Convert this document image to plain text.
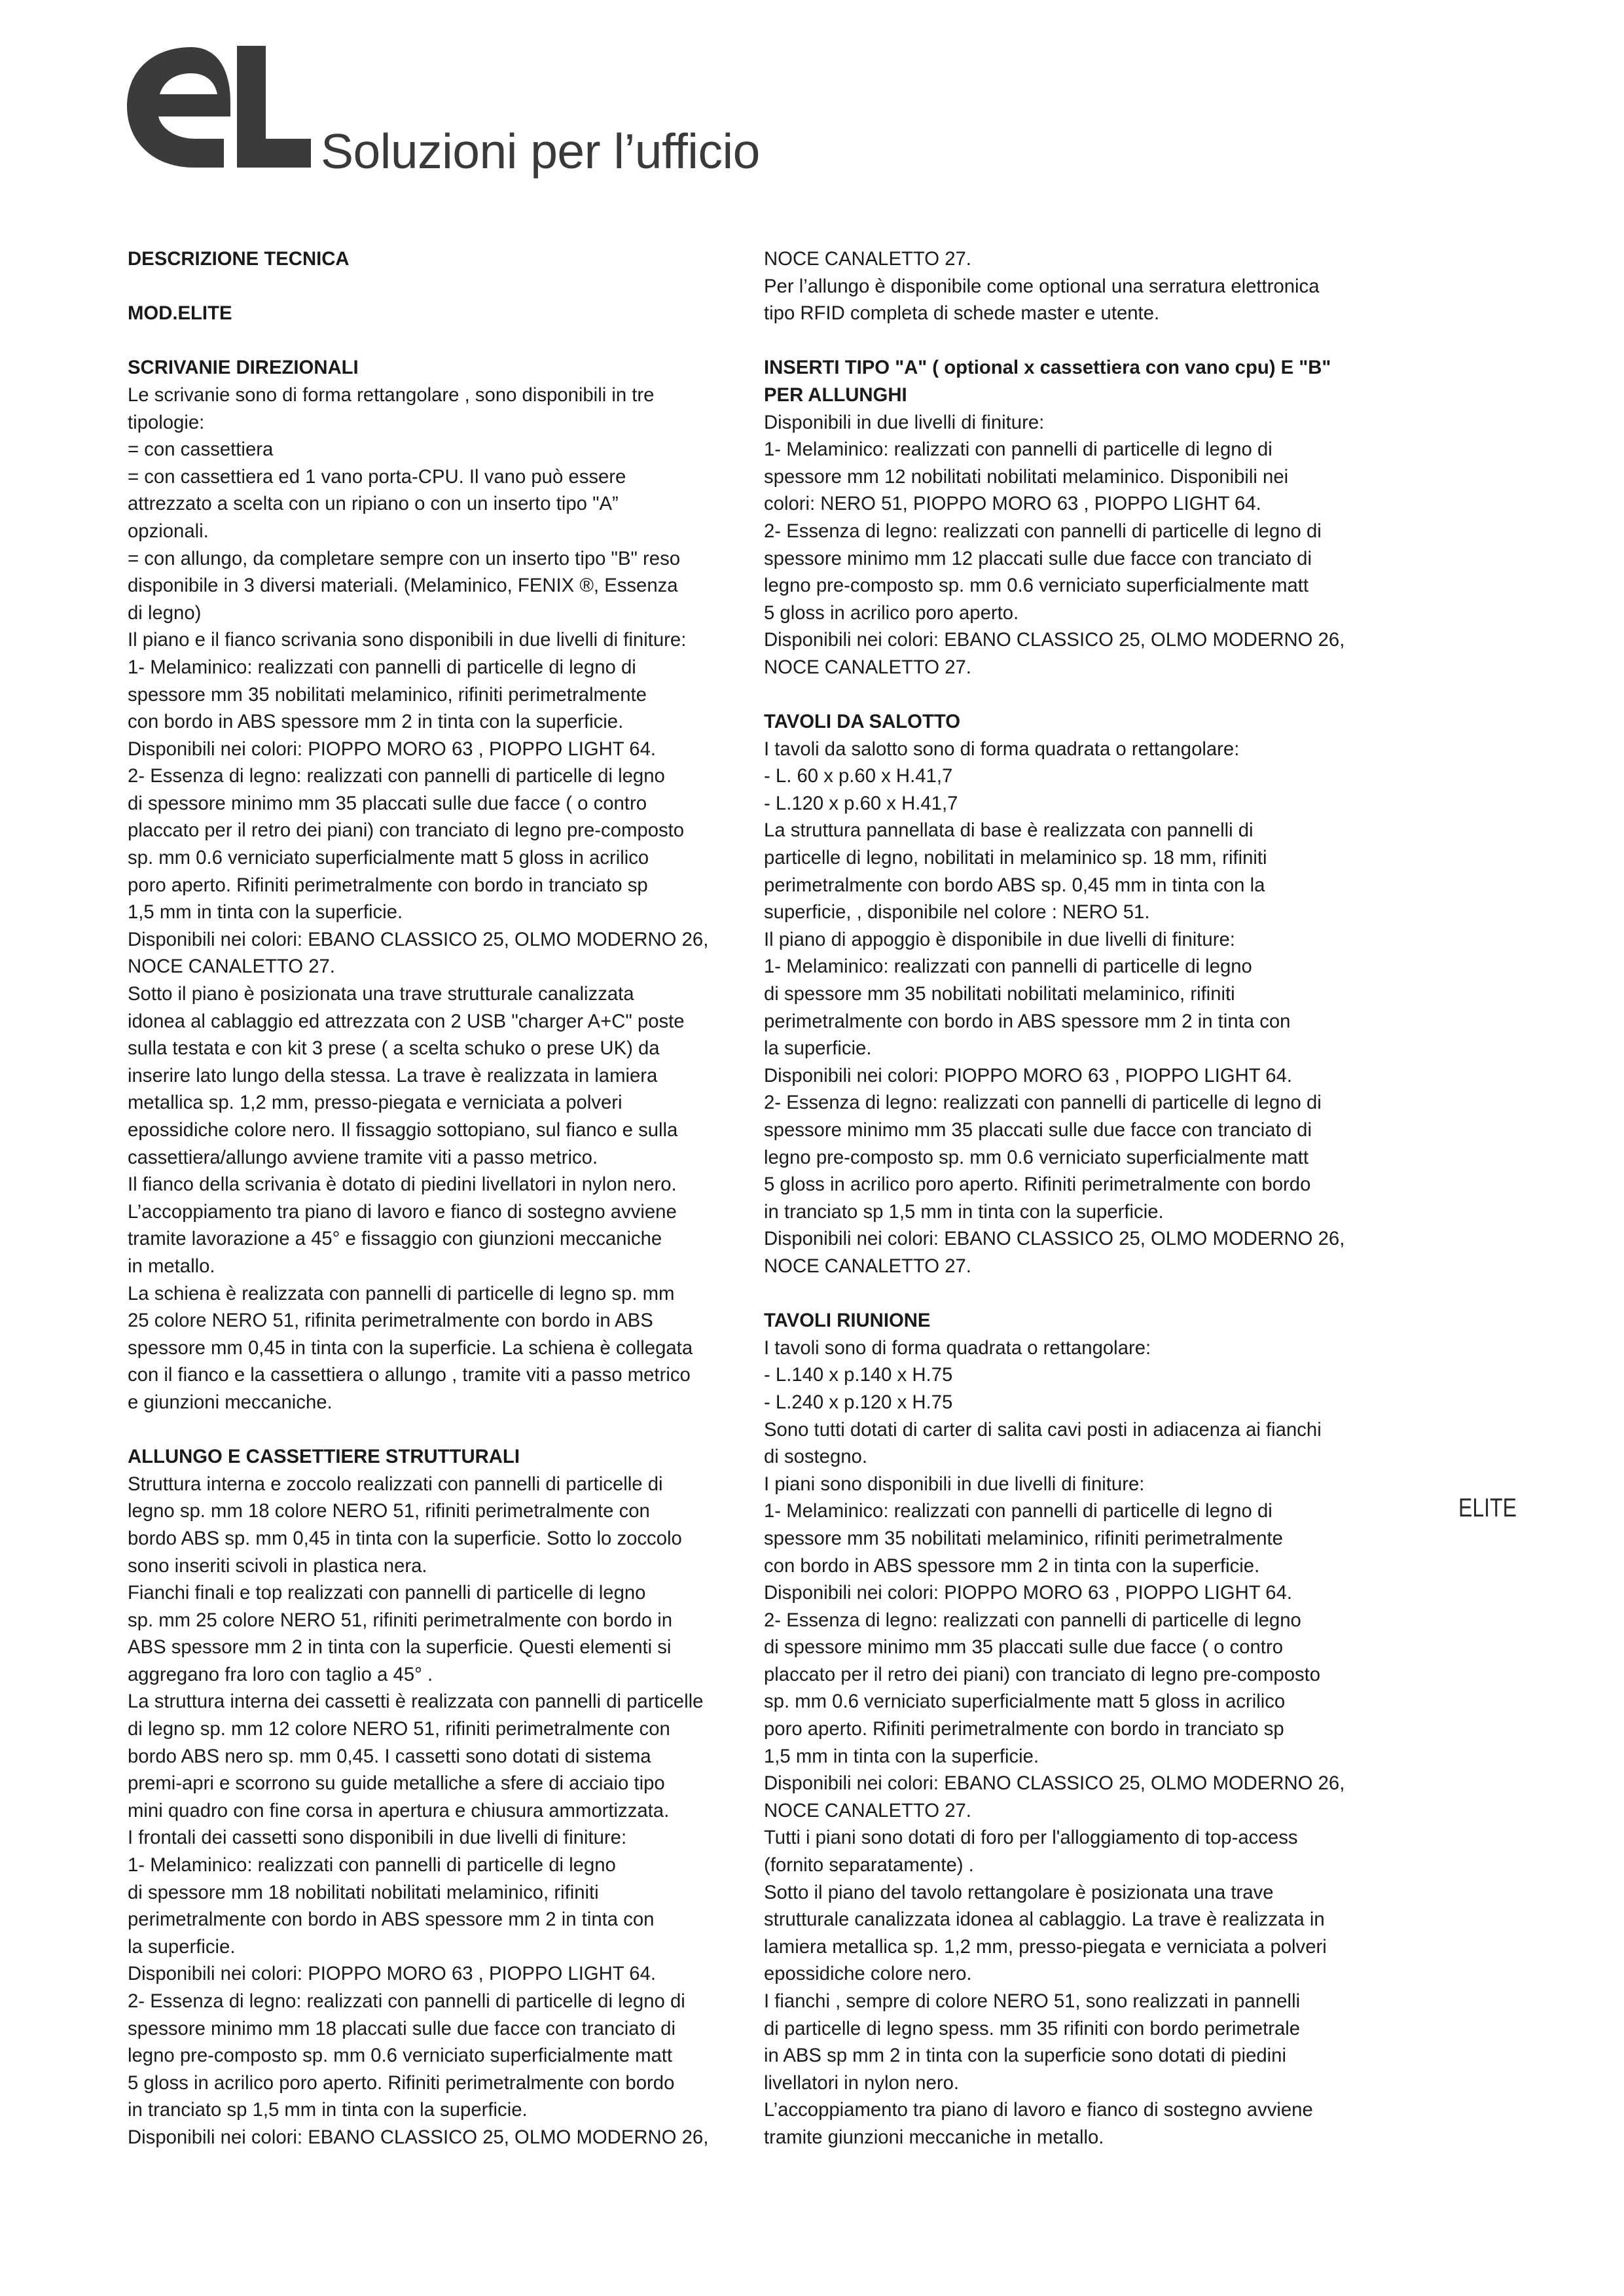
Soluzioni per l’ufficio
DESCRIZIONE TECNICA
MOD.ELITE
SCRIVANIE DIREZIONALI
Le scrivanie sono di forma rettangolare , sono disponibili in tre
tipologie:
= con cassettiera
= con cassettiera ed 1 vano porta-CPU. Il vano può essere
attrezzato a scelta con un ripiano o con un inserto tipo "A”
opzionali.
= con allungo, da completare sempre con un inserto tipo "B" reso
disponibile in 3 diversi materiali. (Melaminico, FENIX ®, Essenza
di legno)
Il piano e il fianco scrivania sono disponibili in due livelli di finiture:
1- Melaminico: realizzati con pannelli di particelle di legno di
spessore mm 35 nobilitati melaminico, rifiniti perimetralmente
con bordo in ABS spessore mm 2 in tinta con la superficie.
Disponibili nei colori: PIOPPO MORO 63 , PIOPPO LIGHT 64.
2- Essenza di legno: realizzati con pannelli di particelle di legno
di spessore minimo mm 35 placcati sulle due facce ( o contro
placcato per il retro dei piani) con tranciato di legno pre-composto
sp. mm 0.6 verniciato superficialmente matt 5 gloss in acrilico
poro aperto. Rifiniti perimetralmente con bordo in tranciato sp
1,5 mm in tinta con la superficie.
Disponibili nei colori: EBANO CLASSICO 25, OLMO MODERNO 26,
NOCE CANALETTO 27.
Sotto il piano è posizionata una trave strutturale canalizzata
idonea al cablaggio ed attrezzata con 2 USB "charger A+C" poste
sulla testata e con kit 3 prese ( a scelta schuko o prese UK) da
inserire lato lungo della stessa. La trave è realizzata in lamiera
metallica sp. 1,2 mm, presso-piegata e verniciata a polveri
epossidiche colore nero. Il fissaggio sottopiano, sul fianco e sulla
cassettiera/allungo avviene tramite viti a passo metrico.
Il fianco della scrivania è dotato di piedini livellatori in nylon nero.
L’accoppiamento tra piano di lavoro e fianco di sostegno avviene
tramite lavorazione a 45° e fissaggio con giunzioni meccaniche
in metallo.
La schiena è realizzata con pannelli di particelle di legno sp. mm
25 colore NERO 51, rifinita perimetralmente con bordo in ABS
spessore mm 0,45 in tinta con la superficie. La schiena è collegata
con il fianco e la cassettiera o allungo , tramite viti a passo metrico
e giunzioni meccaniche.
ALLUNGO E CASSETTIERE STRUTTURALI
Struttura interna e zoccolo realizzati con pannelli di particelle di
legno sp. mm 18 colore NERO 51, rifiniti perimetralmente con
bordo ABS sp. mm 0,45 in tinta con la superficie. Sotto lo zoccolo
sono inseriti scivoli in plastica nera.
Fianchi finali e top realizzati con pannelli di particelle di legno
sp. mm 25 colore NERO 51, rifiniti perimetralmente con bordo in
ABS spessore mm 2 in tinta con la superficie. Questi elementi si
aggregano fra loro con taglio a 45° .
La struttura interna dei cassetti è realizzata con pannelli di particelle
di legno sp. mm 12 colore NERO 51, rifiniti perimetralmente con
bordo ABS nero sp. mm 0,45. I cassetti sono dotati di sistema
premi-apri e scorrono su guide metalliche a sfere di acciaio tipo
mini quadro con fine corsa in apertura e chiusura ammortizzata.
I frontali dei cassetti sono disponibili in due livelli di finiture:
1- Melaminico: realizzati con pannelli di particelle di legno
di spessore mm 18 nobilitati nobilitati melaminico, rifiniti
perimetralmente con bordo in ABS spessore mm 2 in tinta con
la superficie.
Disponibili nei colori: PIOPPO MORO 63 , PIOPPO LIGHT 64.
2- Essenza di legno: realizzati con pannelli di particelle di legno di
spessore minimo mm 18 placcati sulle due facce con tranciato di
legno pre-composto sp. mm 0.6 verniciato superficialmente matt
5 gloss in acrilico poro aperto. Rifiniti perimetralmente con bordo
in tranciato sp 1,5 mm in tinta con la superficie.
Disponibili nei colori: EBANO CLASSICO 25, OLMO MODERNO 26,
NOCE CANALETTO 27.
Per l’allungo è disponibile come optional una serratura elettronica
tipo RFID completa di schede master e utente.
INSERTI TIPO "A" ( optional x cassettiera con vano cpu) E "B"
PER ALLUNGHI
Disponibili in due livelli di finiture:
1- Melaminico: realizzati con pannelli di particelle di legno di
spessore mm 12 nobilitati nobilitati melaminico. Disponibili nei
colori: NERO 51, PIOPPO MORO 63 , PIOPPO LIGHT 64.
2- Essenza di legno: realizzati con pannelli di particelle di legno di
spessore minimo mm 12 placcati sulle due facce con tranciato di
legno pre-composto sp. mm 0.6 verniciato superficialmente matt
5 gloss in acrilico poro aperto.
Disponibili nei colori: EBANO CLASSICO 25, OLMO MODERNO 26,
NOCE CANALETTO 27.
TAVOLI DA SALOTTO
I tavoli da salotto sono di forma quadrata o rettangolare:
- L. 60 x p.60 x H.41,7
- L.120 x p.60 x H.41,7
La struttura pannellata di base è realizzata con pannelli di
particelle di legno, nobilitati in melaminico sp. 18 mm, rifiniti
perimetralmente con bordo ABS sp. 0,45 mm in tinta con la
superficie, , disponibile nel colore : NERO 51.
Il piano di appoggio è disponibile in due livelli di finiture:
1- Melaminico: realizzati con pannelli di particelle di legno
di spessore mm 35 nobilitati nobilitati melaminico, rifiniti
perimetralmente con bordo in ABS spessore mm 2 in tinta con
la superficie.
Disponibili nei colori: PIOPPO MORO 63 , PIOPPO LIGHT 64.
2- Essenza di legno: realizzati con pannelli di particelle di legno di
spessore minimo mm 35 placcati sulle due facce con tranciato di
legno pre-composto sp. mm 0.6 verniciato superficialmente matt
5 gloss in acrilico poro aperto. Rifiniti perimetralmente con bordo
in tranciato sp 1,5 mm in tinta con la superficie.
Disponibili nei colori: EBANO CLASSICO 25, OLMO MODERNO 26,
NOCE CANALETTO 27.
TAVOLI RIUNIONE
I tavoli sono di forma quadrata o rettangolare:
- L.140 x p.140 x H.75
- L.240 x p.120 x H.75
Sono tutti dotati di carter di salita cavi posti in adiacenza ai fianchi
di sostegno.
I piani sono disponibili in due livelli di finiture:
1- Melaminico: realizzati con pannelli di particelle di legno di
spessore mm 35 nobilitati melaminico, rifiniti perimetralmente
con bordo in ABS spessore mm 2 in tinta con la superficie.
Disponibili nei colori: PIOPPO MORO 63 , PIOPPO LIGHT 64.
2- Essenza di legno: realizzati con pannelli di particelle di legno
di spessore minimo mm 35 placcati sulle due facce ( o contro
placcato per il retro dei piani) con tranciato di legno pre-composto
sp. mm 0.6 verniciato superficialmente matt 5 gloss in acrilico
poro aperto. Rifiniti perimetralmente con bordo in tranciato sp
1,5 mm in tinta con la superficie.
Disponibili nei colori: EBANO CLASSICO 25, OLMO MODERNO 26,
NOCE CANALETTO 27.
Tutti i piani sono dotati di foro per l'alloggiamento di top-access
(fornito separatamente) .
Sotto il piano del tavolo rettangolare è posizionata una trave
strutturale canalizzata idonea al cablaggio. La trave è realizzata in
lamiera metallica sp. 1,2 mm, presso-piegata e verniciata a polveri
epossidiche colore nero.
I fianchi , sempre di colore NERO 51, sono realizzati in pannelli
di particelle di legno spess. mm 35 rifiniti con bordo perimetrale
in ABS sp mm 2 in tinta con la superficie sono dotati di piedini
livellatori in nylon nero.
L’accoppiamento tra piano di lavoro e fianco di sostegno avviene
tramite giunzioni meccaniche in metallo.
ELITE
